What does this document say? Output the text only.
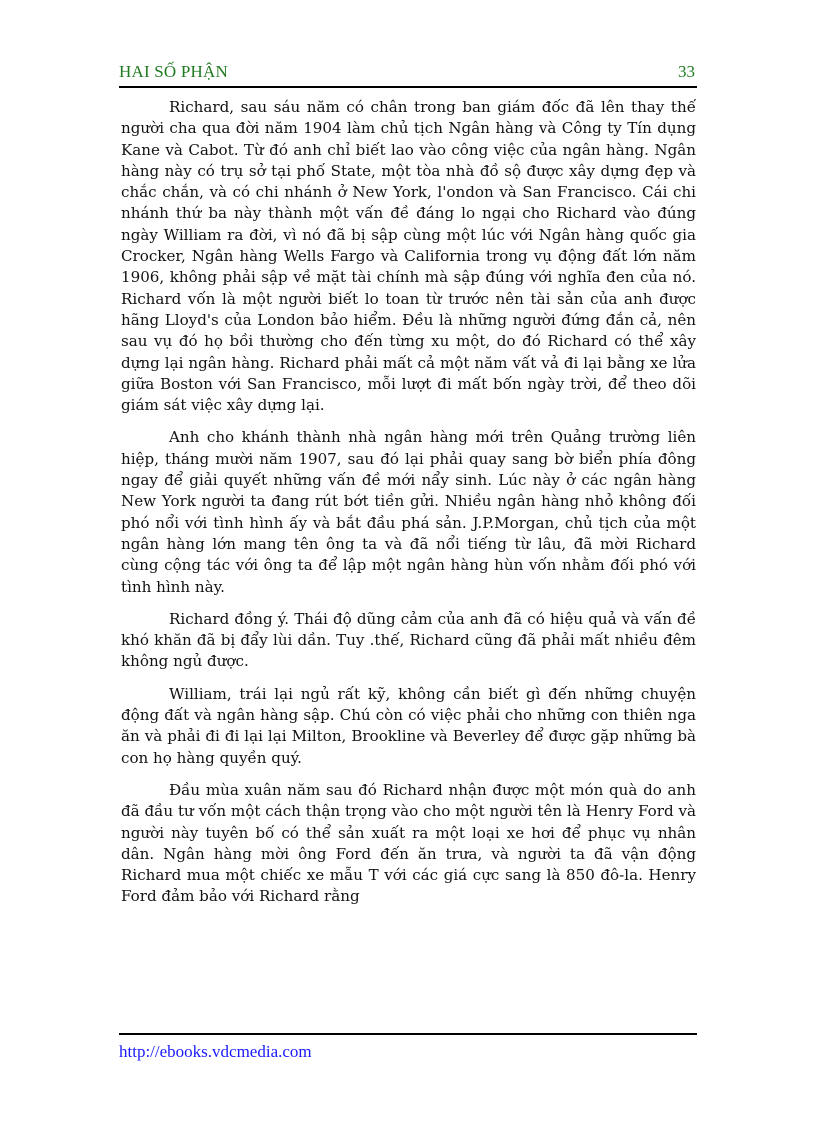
HAI SỐ PHẬN	33

Richard, sau sáu năm có chân trong ban giám đốc đã lên thay thế người cha qua đời năm 1904 làm chủ tịch Ngân hàng và Công ty Tín dụng Kane và Cabot. Từ đó anh chỉ biết lao vào công việc của ngân hàng. Ngân hàng này có trụ sở tại phố State, một tòa nhà đồ sộ được xây dựng đẹp và chắc chắn, và có chi nhánh ở New York, l'ondon và San Francisco. Cái chi nhánh thứ ba này thành một vấn đề đáng lo ngại cho Richard vào đúng ngày William ra đời, vì nó đã bị sập cùng một lúc với Ngân hàng quốc gia Crocker, Ngân hàng Wells Fargo và California trong vụ động đất lớn năm 1906, không phải sập về mặt tài chính mà sập đúng với nghĩa đen của nó. Richard vốn là một người biết lo toan từ trước nên tài sản của anh được hãng Lloyd's của London bảo hiểm. Đều là những người đứng đắn cả, nên sau vụ đó họ bồi thường cho đến từng xu một, do đó Richard có thể xây dựng lại ngân hàng. Richard phải mất cả một năm vất vả đi lại bằng xe lửa giữa Boston với San Francisco, mỗi lượt đi mất bốn ngày trời, để theo dõi giám sát việc xây dựng lại.

Anh cho khánh thành nhà ngân hàng mới trên Quảng trường liên hiệp, tháng mười năm 1907, sau đó lại phải quay sang bờ biển phía đông ngay để giải quyết những vấn đề mới nẩy sinh. Lúc này ở các ngân hàng New York người ta đang rút bớt tiền gửi. Nhiều ngân hàng nhỏ không đối phó nổi với tình hình ấy và bắt đầu phá sản. J.P.Morgan, chủ tịch của một ngân hàng lớn mang tên ông ta và đã nổi tiếng từ lâu, đã mời Richard cùng cộng tác với ông ta để lập một ngân hàng hùn vốn nhằm đối phó với tình hình này.

Richard đồng ý. Thái độ dũng cảm của anh đã có hiệu quả và vấn đề khó khăn đã bị đẩy lùi dần. Tuy .thế, Richard cũng đã phải mất nhiều đêm không ngủ được.

William, trái lại ngủ rất kỹ, không cần biết gì đến những chuyện động đất và ngân hàng sập. Chú còn có việc phải cho những con thiên nga ăn và phải đi đi lại lại Milton, Brookline và Beverley để được gặp những bà con họ hàng quyền quý.

Đầu mùa xuân năm sau đó Richard nhận được một món quà do anh đã đầu tư vốn một cách thận trọng vào cho một người tên là Henry Ford và người này tuyên bố có thể sản xuất ra một loại xe hơi để phục vụ nhân dân. Ngân hàng mời ông Ford đến ăn trưa, và người ta đã vận động Richard mua một chiếc xe mẫu T với các giá cực sang là 850 đô-la. Henry Ford đảm bảo với Richard rằng

http://ebooks.vdcmedia.com
